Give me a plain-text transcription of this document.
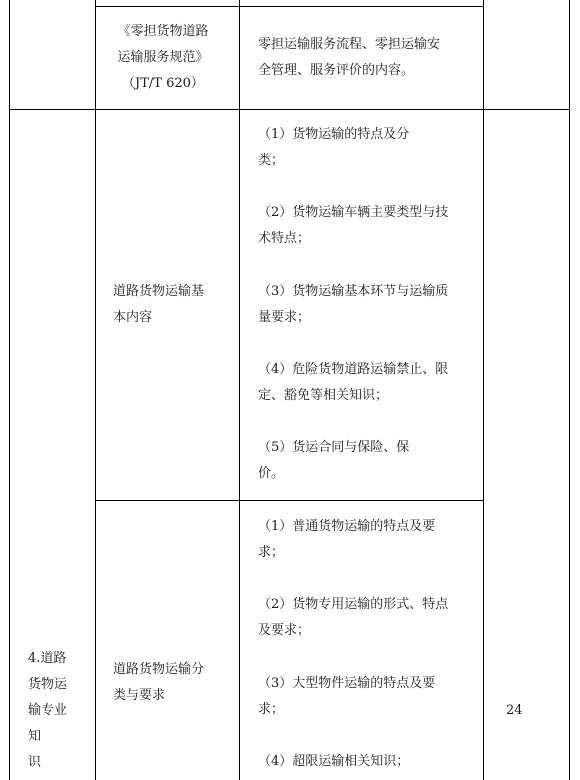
《零担货物道路
运输服务规范》
（JT/T 620）
零担运输服务流程、零担运输安
全管理、服务评价的内容。
4.道路
货物运
输专业
知
识
24
道路货物运输基
本内容
（1）货物运输的特点及分
类；
（2）货物运输车辆主要类型与技
术特点；
（3）货物运输基本环节与运输质
量要求；
（4）危险货物道路运输禁止、限
定、豁免等相关知识；
（5）货运合同与保险、保
价。
道路货物运输分
类与要求
（1）普通货物运输的特点及要
求；
（2）货物专用运输的形式、特点
及要求；
（3）大型物件运输的特点及要
求；
（4）超限运输相关知识；
